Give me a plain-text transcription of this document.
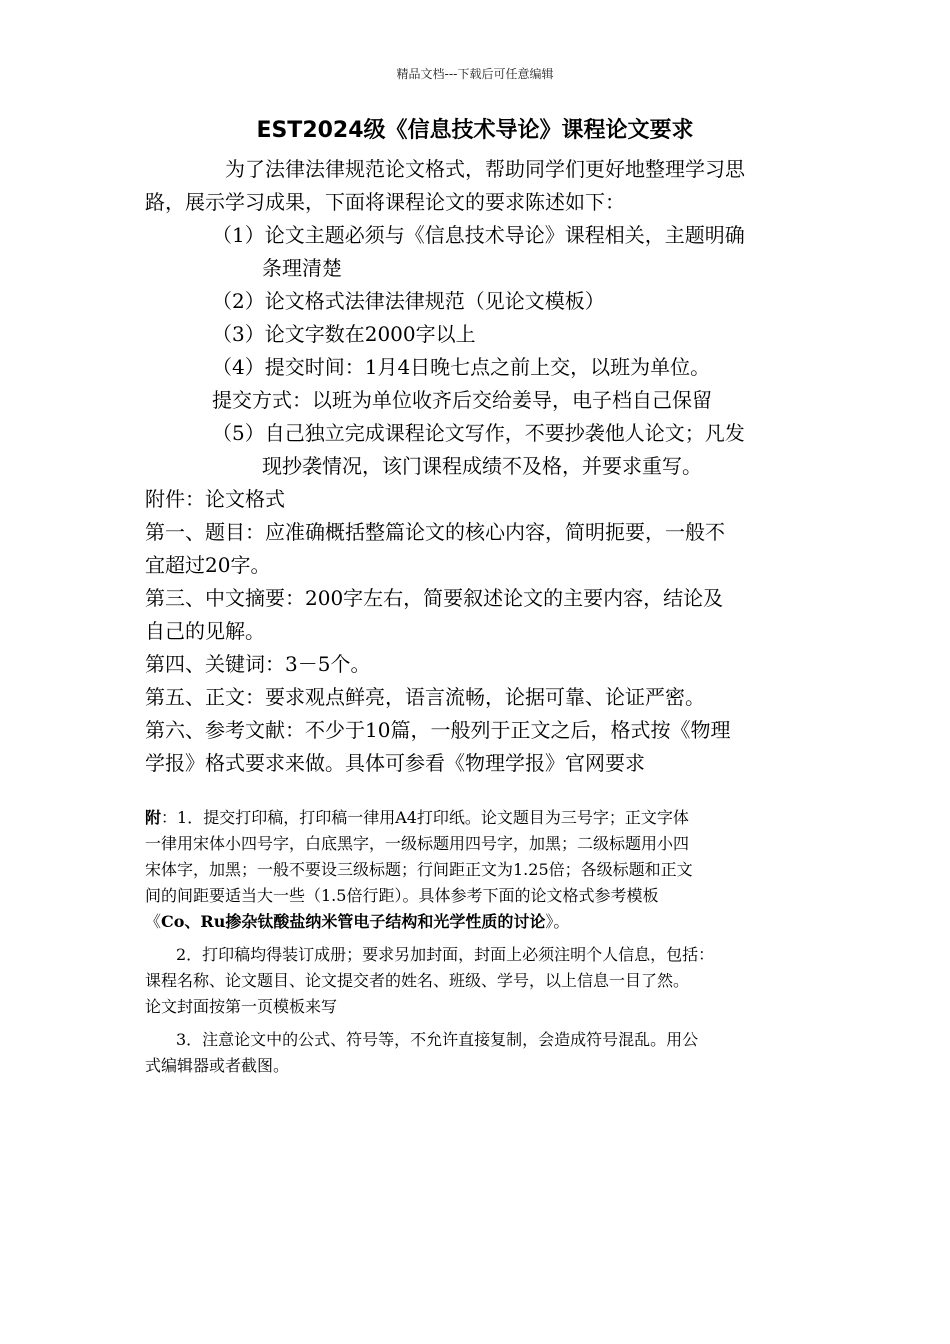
精品文档---下载后可任意编辑
EST2024级《信息技术导论》课程论文要求
为了法律法律规范论文格式，帮助同学们更好地整理学习思
路，展示学习成果，下面将课程论文的要求陈述如下：
（1）论文主题必须与《信息技术导论》课程相关，主题明确
条理清楚
（2）论文格式法律法律规范（见论文模板）
（3）论文字数在2000字以上
（4）提交时间：1月4日晚七点之前上交，以班为单位。
提交方式：以班为单位收齐后交给姜导，电子档自己保留
（5）自己独立完成课程论文写作，不要抄袭他人论文；凡发
现抄袭情况，该门课程成绩不及格，并要求重写。
附件：论文格式
第一、题目：应准确概括整篇论文的核心内容，简明扼要，一般不
宜超过20字。
第三、中文摘要：200字左右，简要叙述论文的主要内容，结论及
自己的见解。
第四、关键词：3－5个。
第五、正文：要求观点鲜亮，语言流畅，论据可靠、论证严密。
第六、参考文献：不少于10篇，一般列于正文之后，格式按《物理
学报》格式要求来做。具体可参看《物理学报》官网要求
附：1．提交打印稿，打印稿一律用A4打印纸。论文题目为三号字；正文字体
一律用宋体小四号字，白底黑字，一级标题用四号字，加黑；二级标题用小四
宋体字，加黑；一般不要设三级标题；行间距正文为1.25倍；各级标题和正文
间的间距要适当大一些（1.5倍行距）。具体参考下面的论文格式参考模板
《Co、Ru掺杂钛酸盐纳米管电子结构和光学性质的讨论》。
2．打印稿均得装订成册；要求另加封面，封面上必须注明个人信息，包括：
课程名称、论文题目、论文提交者的姓名、班级、学号，以上信息一目了然。
论文封面按第一页模板来写
3．注意论文中的公式、符号等，不允许直接复制，会造成符号混乱。用公
式编辑器或者截图。
